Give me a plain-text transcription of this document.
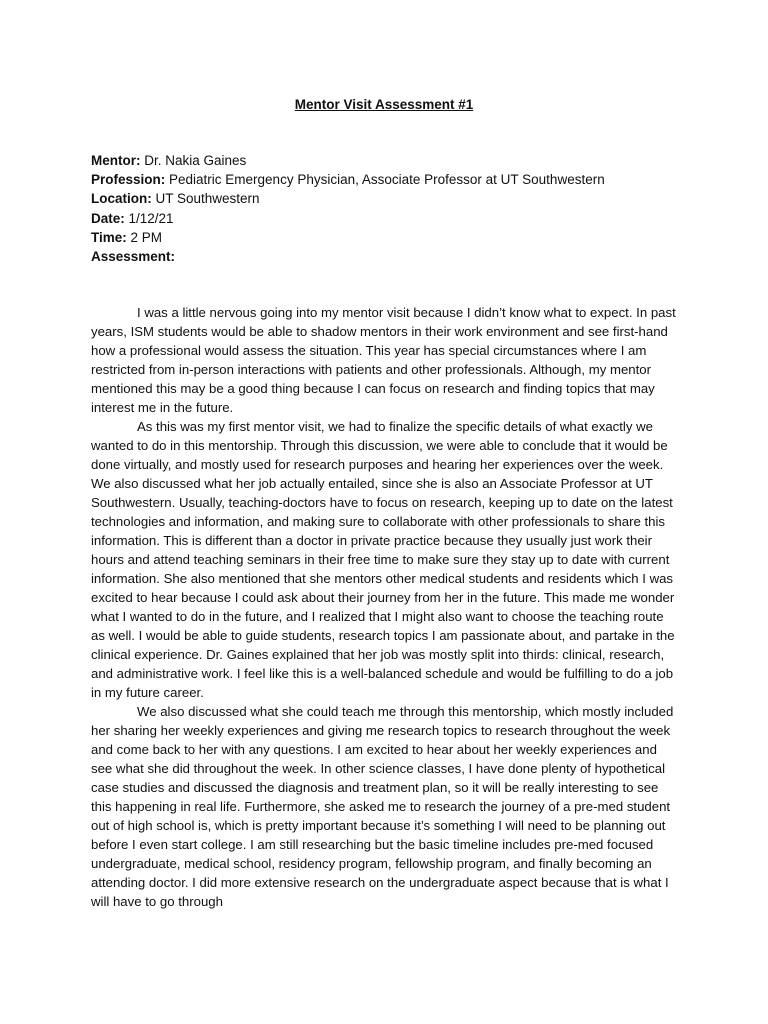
Mentor Visit Assessment #1
Mentor: Dr. Nakia Gaines
Profession: Pediatric Emergency Physician, Associate Professor at UT Southwestern
Location: UT Southwestern
Date: 1/12/21
Time: 2 PM
Assessment:

I was a little nervous going into my mentor visit because I didn’t know what to expect. In past years, ISM students would be able to shadow mentors in their work environment and see first-hand how a professional would assess the situation. This year has special circumstances where I am restricted from in-person interactions with patients and other professionals. Although, my mentor mentioned this may be a good thing because I can focus on research and finding topics that may interest me in the future.

As this was my first mentor visit, we had to finalize the specific details of what exactly we wanted to do in this mentorship. Through this discussion, we were able to conclude that it would be done virtually, and mostly used for research purposes and hearing her experiences over the week. We also discussed what her job actually entailed, since she is also an Associate Professor at UT Southwestern. Usually, teaching-doctors have to focus on research, keeping up to date on the latest technologies and information, and making sure to collaborate with other professionals to share this information. This is different than a doctor in private practice because they usually just work their hours and attend teaching seminars in their free time to make sure they stay up to date with current information. She also mentioned that she mentors other medical students and residents which I was excited to hear because I could ask about their journey from her in the future. This made me wonder what I wanted to do in the future, and I realized that I might also want to choose the teaching route as well. I would be able to guide students, research topics I am passionate about, and partake in the clinical experience. Dr. Gaines explained that her job was mostly split into thirds: clinical, research, and administrative work. I feel like this is a well-balanced schedule and would be fulfilling to do a job in my future career.

We also discussed what she could teach me through this mentorship, which mostly included her sharing her weekly experiences and giving me research topics to research throughout the week and come back to her with any questions. I am excited to hear about her weekly experiences and see what she did throughout the week. In other science classes, I have done plenty of hypothetical case studies and discussed the diagnosis and treatment plan, so it will be really interesting to see this happening in real life. Furthermore, she asked me to research the journey of a pre-med student out of high school is, which is pretty important because it’s something I will need to be planning out before I even start college. I am still researching but the basic timeline includes pre-med focused undergraduate, medical school, residency program, fellowship program, and finally becoming an attending doctor. I did more extensive research on the undergraduate aspect because that is what I will have to go through
